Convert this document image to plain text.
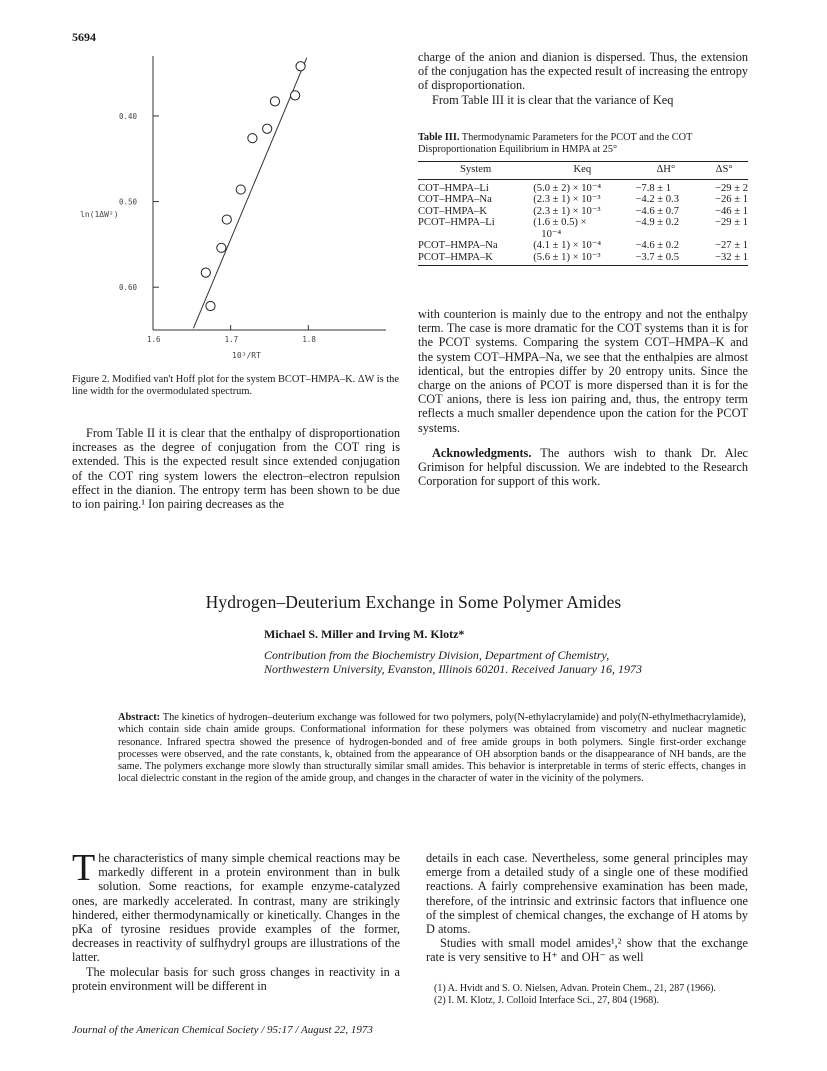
5694
0.60
0.50
0.40
1.6	1.7	1.8
ln(1ΔW²)
10³/RT
Figure 2. Modified van't Hoff plot for the system BCOT–HMPA–K. ΔW is the line width for the overmodulated spectrum.

From Table II it is clear that the enthalpy of disproportionation increases as the degree of conjugation from the COT ring is extended. This is the expected result since extended conjugation of the COT ring system lowers the electron–electron repulsion effect in the dianion. The entropy term has been shown to be due to ion pairing.¹ Ion pairing decreases as the

charge of the anion and dianion is dispersed. Thus, the extension of the conjugation has the expected result of increasing the entropy of disproportionation.

From Table III it is clear that the variance of Keq

Table III. Thermodynamic Parameters for the PCOT and the COT Disproportionation Equilibrium in HMPA at 25°
System	Keq	ΔH°	ΔS°
COT–HMPA–Li	(5.0 ± 2) × 10⁻⁴	−7.8 ± 1	−29 ± 2
COT–HMPA–Na	(2.3 ± 1) × 10⁻³	−4.2 ± 0.3	−26 ± 1
COT–HMPA–K	(2.3 ± 1) × 10⁻³	−4.6 ± 0.7	−46 ± 1
PCOT–HMPA–Li	(1.6 ± 0.5) ×	−4.9 ± 0.2	−29 ± 1
	10⁻⁴		
PCOT–HMPA–Na	(4.1 ± 1) × 10⁻⁴	−4.6 ± 0.2	−27 ± 1
PCOT–HMPA–K	(5.6 ± 1) × 10⁻³	−3.7 ± 0.5	−32 ± 1

with counterion is mainly due to the entropy and not the enthalpy term. The case is more dramatic for the COT systems than it is for the PCOT systems. Comparing the system COT–HMPA–K and the system COT–HMPA–Na, we see that the enthalpies are almost identical, but the entropies differ by 20 entropy units. Since the charge on the anions of PCOT is more dispersed than it is for the COT anions, there is less ion pairing and, thus, the entropy term reflects a much smaller dependence upon the cation for the PCOT systems.

Acknowledgments. The authors wish to thank Dr. Alec Grimison for helpful discussion. We are indebted to the Research Corporation for support of this work.

Hydrogen–Deuterium Exchange in Some Polymer Amides
Michael S. Miller and Irving M. Klotz*
Contribution from the Biochemistry Division, Department of Chemistry,
Northwestern University, Evanston, Illinois 60201. Received January 16, 1973
Abstract: The kinetics of hydrogen–deuterium exchange was followed for two polymers, poly(N-ethylacrylamide) and poly(N-ethylmethacrylamide), which contain side chain amide groups. Conformational information for these polymers was obtained from viscometry and nuclear magnetic resonance. Infrared spectra showed the presence of hydrogen-bonded and of free amide groups in both polymers. Single first-order exchange processes were observed, and the rate constants, k, obtained from the appearance of OH absorption bands or the disappearance of NH bands, are the same. The polymers exchange more slowly than structurally similar small amides. This behavior is interpretable in terms of steric effects, changes in local dielectric constant in the region of the amide group, and changes in the character of water in the vicinity of the polymers.

The characteristics of many simple chemical reactions may be markedly different in a protein environment than in bulk solution. Some reactions, for example enzyme-catalyzed ones, are markedly accelerated. In contrast, many are strikingly hindered, either thermodynamically or kinetically. Changes in the pKa of tyrosine residues provide examples of the former, decreases in reactivity of sulfhydryl groups are illustrations of the latter.

The molecular basis for such gross changes in reactivity in a protein environment will be different in

details in each case. Nevertheless, some general principles may emerge from a detailed study of a single one of these modified reactions. A fairly comprehensive examination has been made, therefore, of the intrinsic and extrinsic factors that influence one of the simplest of chemical changes, the exchange of H atoms by D atoms.

Studies with small model amides¹,² show that the exchange rate is very sensitive to H⁺ and OH⁻ as well

(1) A. Hvidt and S. O. Nielsen, Advan. Protein Chem., 21, 287 (1966).
(2) I. M. Klotz, J. Colloid Interface Sci., 27, 804 (1968).
Journal of the American Chemical Society / 95:17 / August 22, 1973
